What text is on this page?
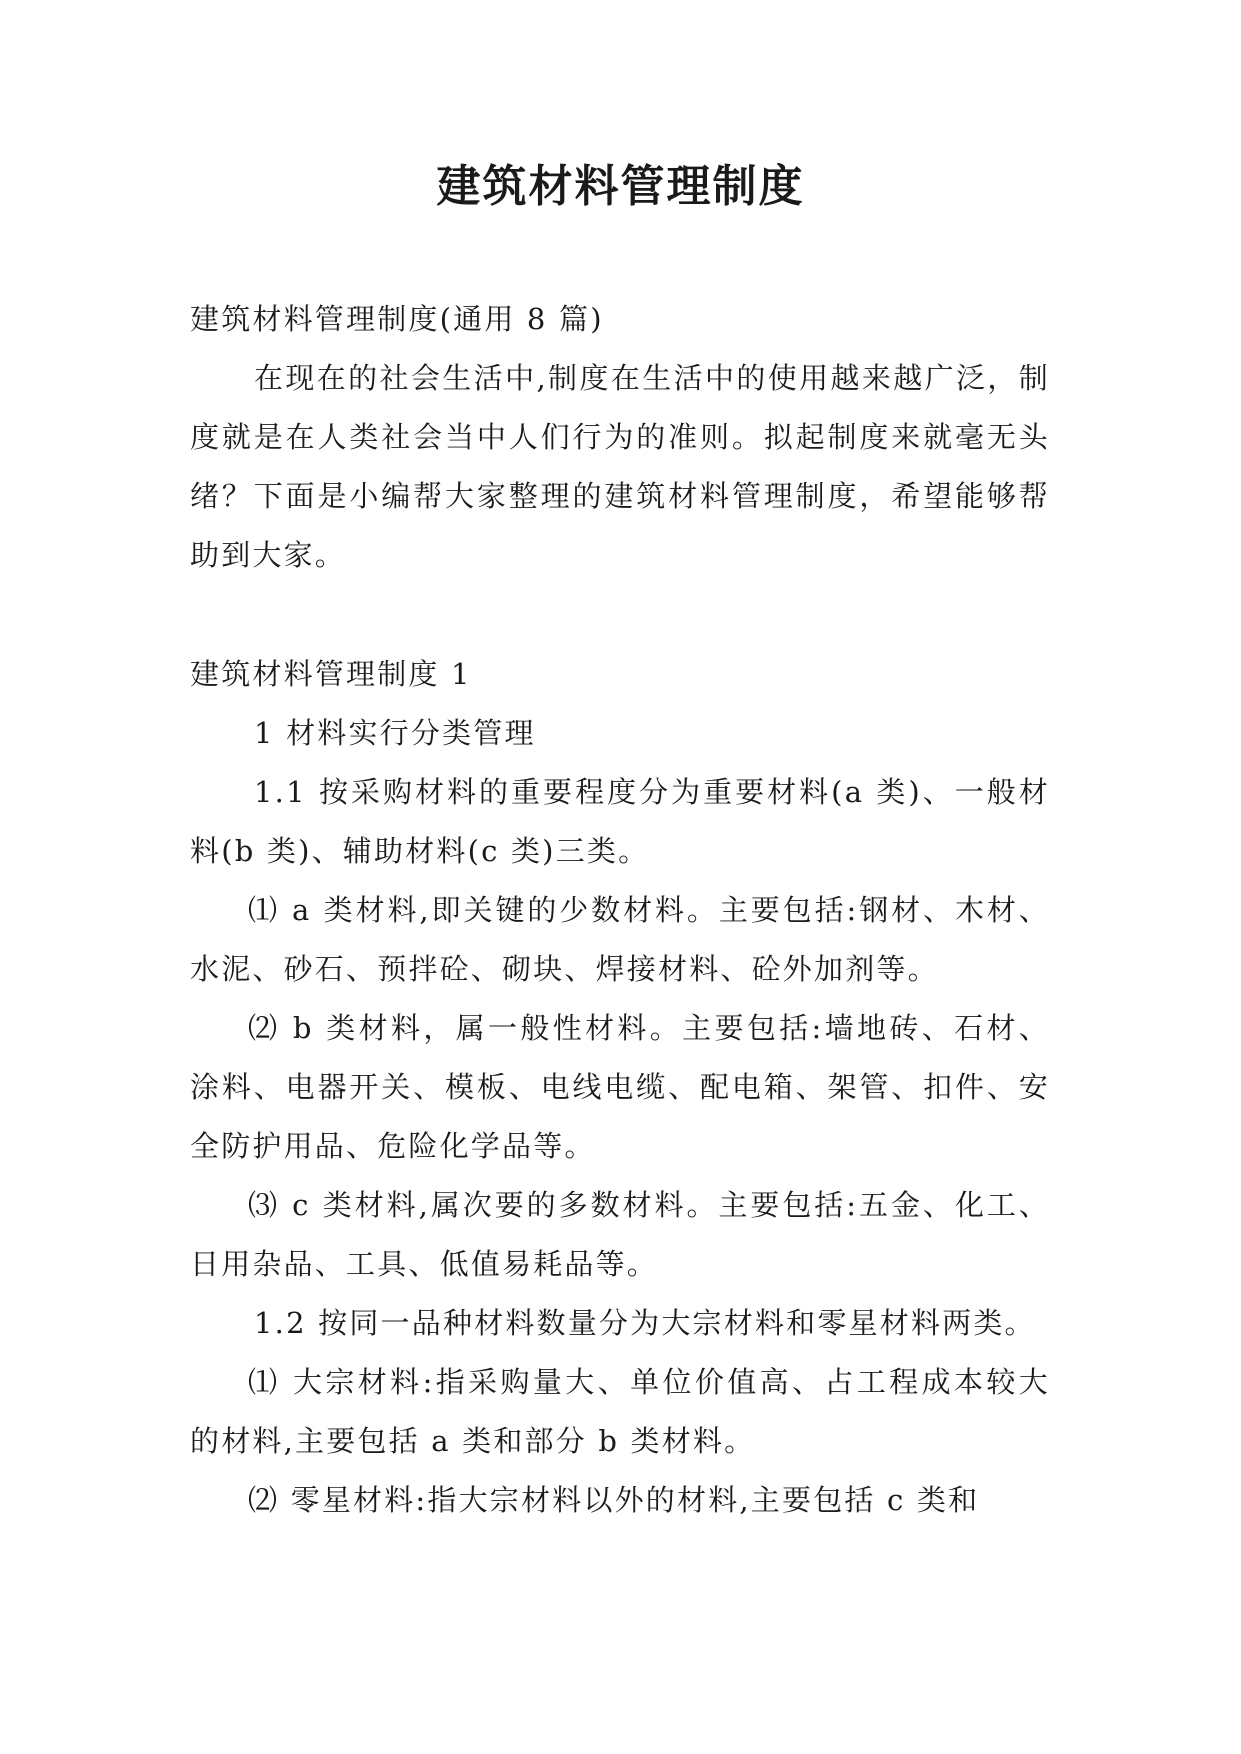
建筑材料管理制度

建筑材料管理制度(通用 8 篇)

在现在的社会生活中,制度在生活中的使用越来越广泛，制度就是在人类社会当中人们行为的准则。拟起制度来就毫无头绪？下面是小编帮大家整理的建筑材料管理制度，希望能够帮助到大家。

建筑材料管理制度 1

1 材料实行分类管理

1.1 按采购材料的重要程度分为重要材料(a 类)、一般材料(b 类)、辅助材料(c 类)三类。

⑴ a 类材料,即关键的少数材料。主要包括:钢材、木材、水泥、砂石、预拌砼、砌块、焊接材料、砼外加剂等。

⑵ b 类材料，属一般性材料。主要包括:墙地砖、石材、涂料、电器开关、模板、电线电缆、配电箱、架管、扣件、安全防护用品、危险化学品等。

⑶ c 类材料,属次要的多数材料。主要包括:五金、化工、日用杂品、工具、低值易耗品等。

1.2 按同一品种材料数量分为大宗材料和零星材料两类。

⑴ 大宗材料:指采购量大、单位价值高、占工程成本较大的材料,主要包括 a 类和部分 b 类材料。

⑵ 零星材料:指大宗材料以外的材料,主要包括 c 类和
